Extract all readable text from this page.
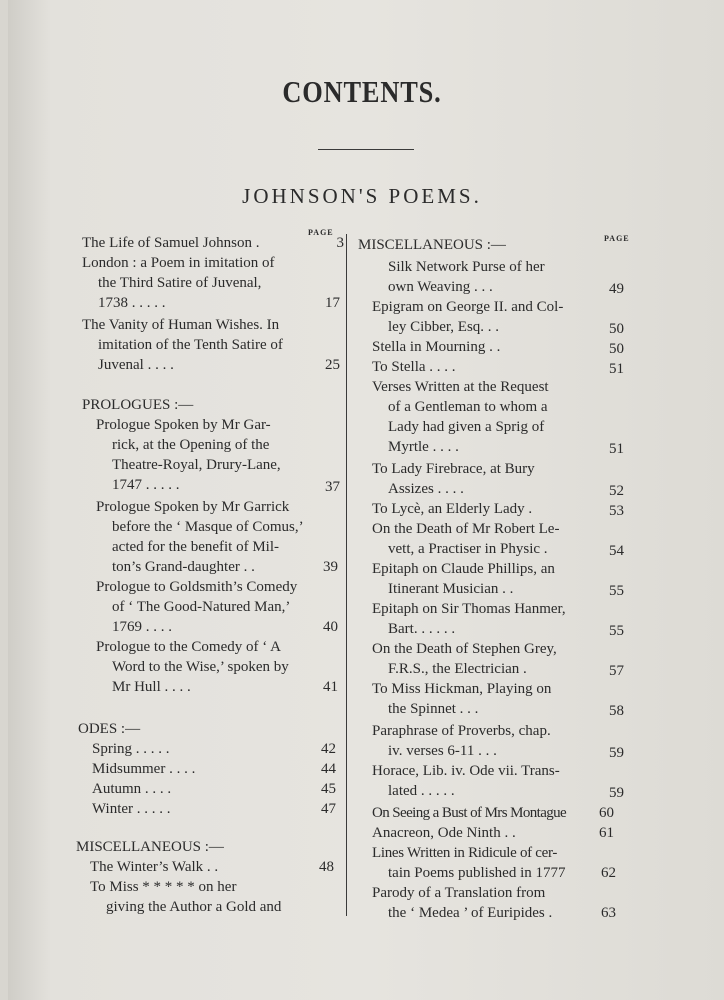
CONTENTS.
JOHNSON'S POEMS.
PAGE
The Life of Samuel Johnson .	3
London : a Poem in imitation of
the Third Satire of Juvenal,
1738 . . . . .	17
The Vanity of Human Wishes. In
imitation of the Tenth Satire of
Juvenal . . . .	25
PROLOGUES :—
Prologue Spoken by Mr Gar-
rick, at the Opening of the
Theatre-Royal, Drury-Lane,
1747 . . . . .	37
Prologue Spoken by Mr Garrick
before the ‘ Masque of Comus,’
acted for the benefit of Mil-
ton’s Grand-daughter . .	39
Prologue to Goldsmith’s Comedy
of ‘ The Good-Natured Man,’
1769 . . . .	40
Prologue to the Comedy of ‘ A
Word to the Wise,’ spoken by
Mr Hull . . . .	41
ODES :—
Spring . . . . .	42
Midsummer . . . .	44
Autumn . . . .	45
Winter . . . . .	47
MISCELLANEOUS :—
The Winter’s Walk . .	48
To Miss * * * * * on her
giving the Author a Gold and
PAGE
MISCELLANEOUS :—
Silk Network Purse of her
own Weaving . . .	49
Epigram on George II. and Col-
ley Cibber, Esq. . .	50
Stella in Mourning . .	50
To Stella . . . .	51
Verses Written at the Request
of a Gentleman to whom a
Lady had given a Sprig of
Myrtle . . . .	51
To Lady Firebrace, at Bury
Assizes . . . .	52
To Lycè, an Elderly Lady .	53
On the Death of Mr Robert Le-
vett, a Practiser in Physic .	54
Epitaph on Claude Phillips, an
Itinerant Musician . .	55
Epitaph on Sir Thomas Hanmer,
Bart. . . . . .	55
On the Death of Stephen Grey,
F.R.S., the Electrician .	57
To Miss Hickman, Playing on
the Spinnet . . .	58
Paraphrase of Proverbs, chap.
iv. verses 6-11 . . .	59
Horace, Lib. iv. Ode vii. Trans-
lated . . . . .	59
On Seeing a Bust of Mrs Montague	60
Anacreon, Ode Ninth . .	61
Lines Written in Ridicule of cer-
tain Poems published in 1777	62
Parody of a Translation from
the ‘ Medea ’ of Euripides .	63
